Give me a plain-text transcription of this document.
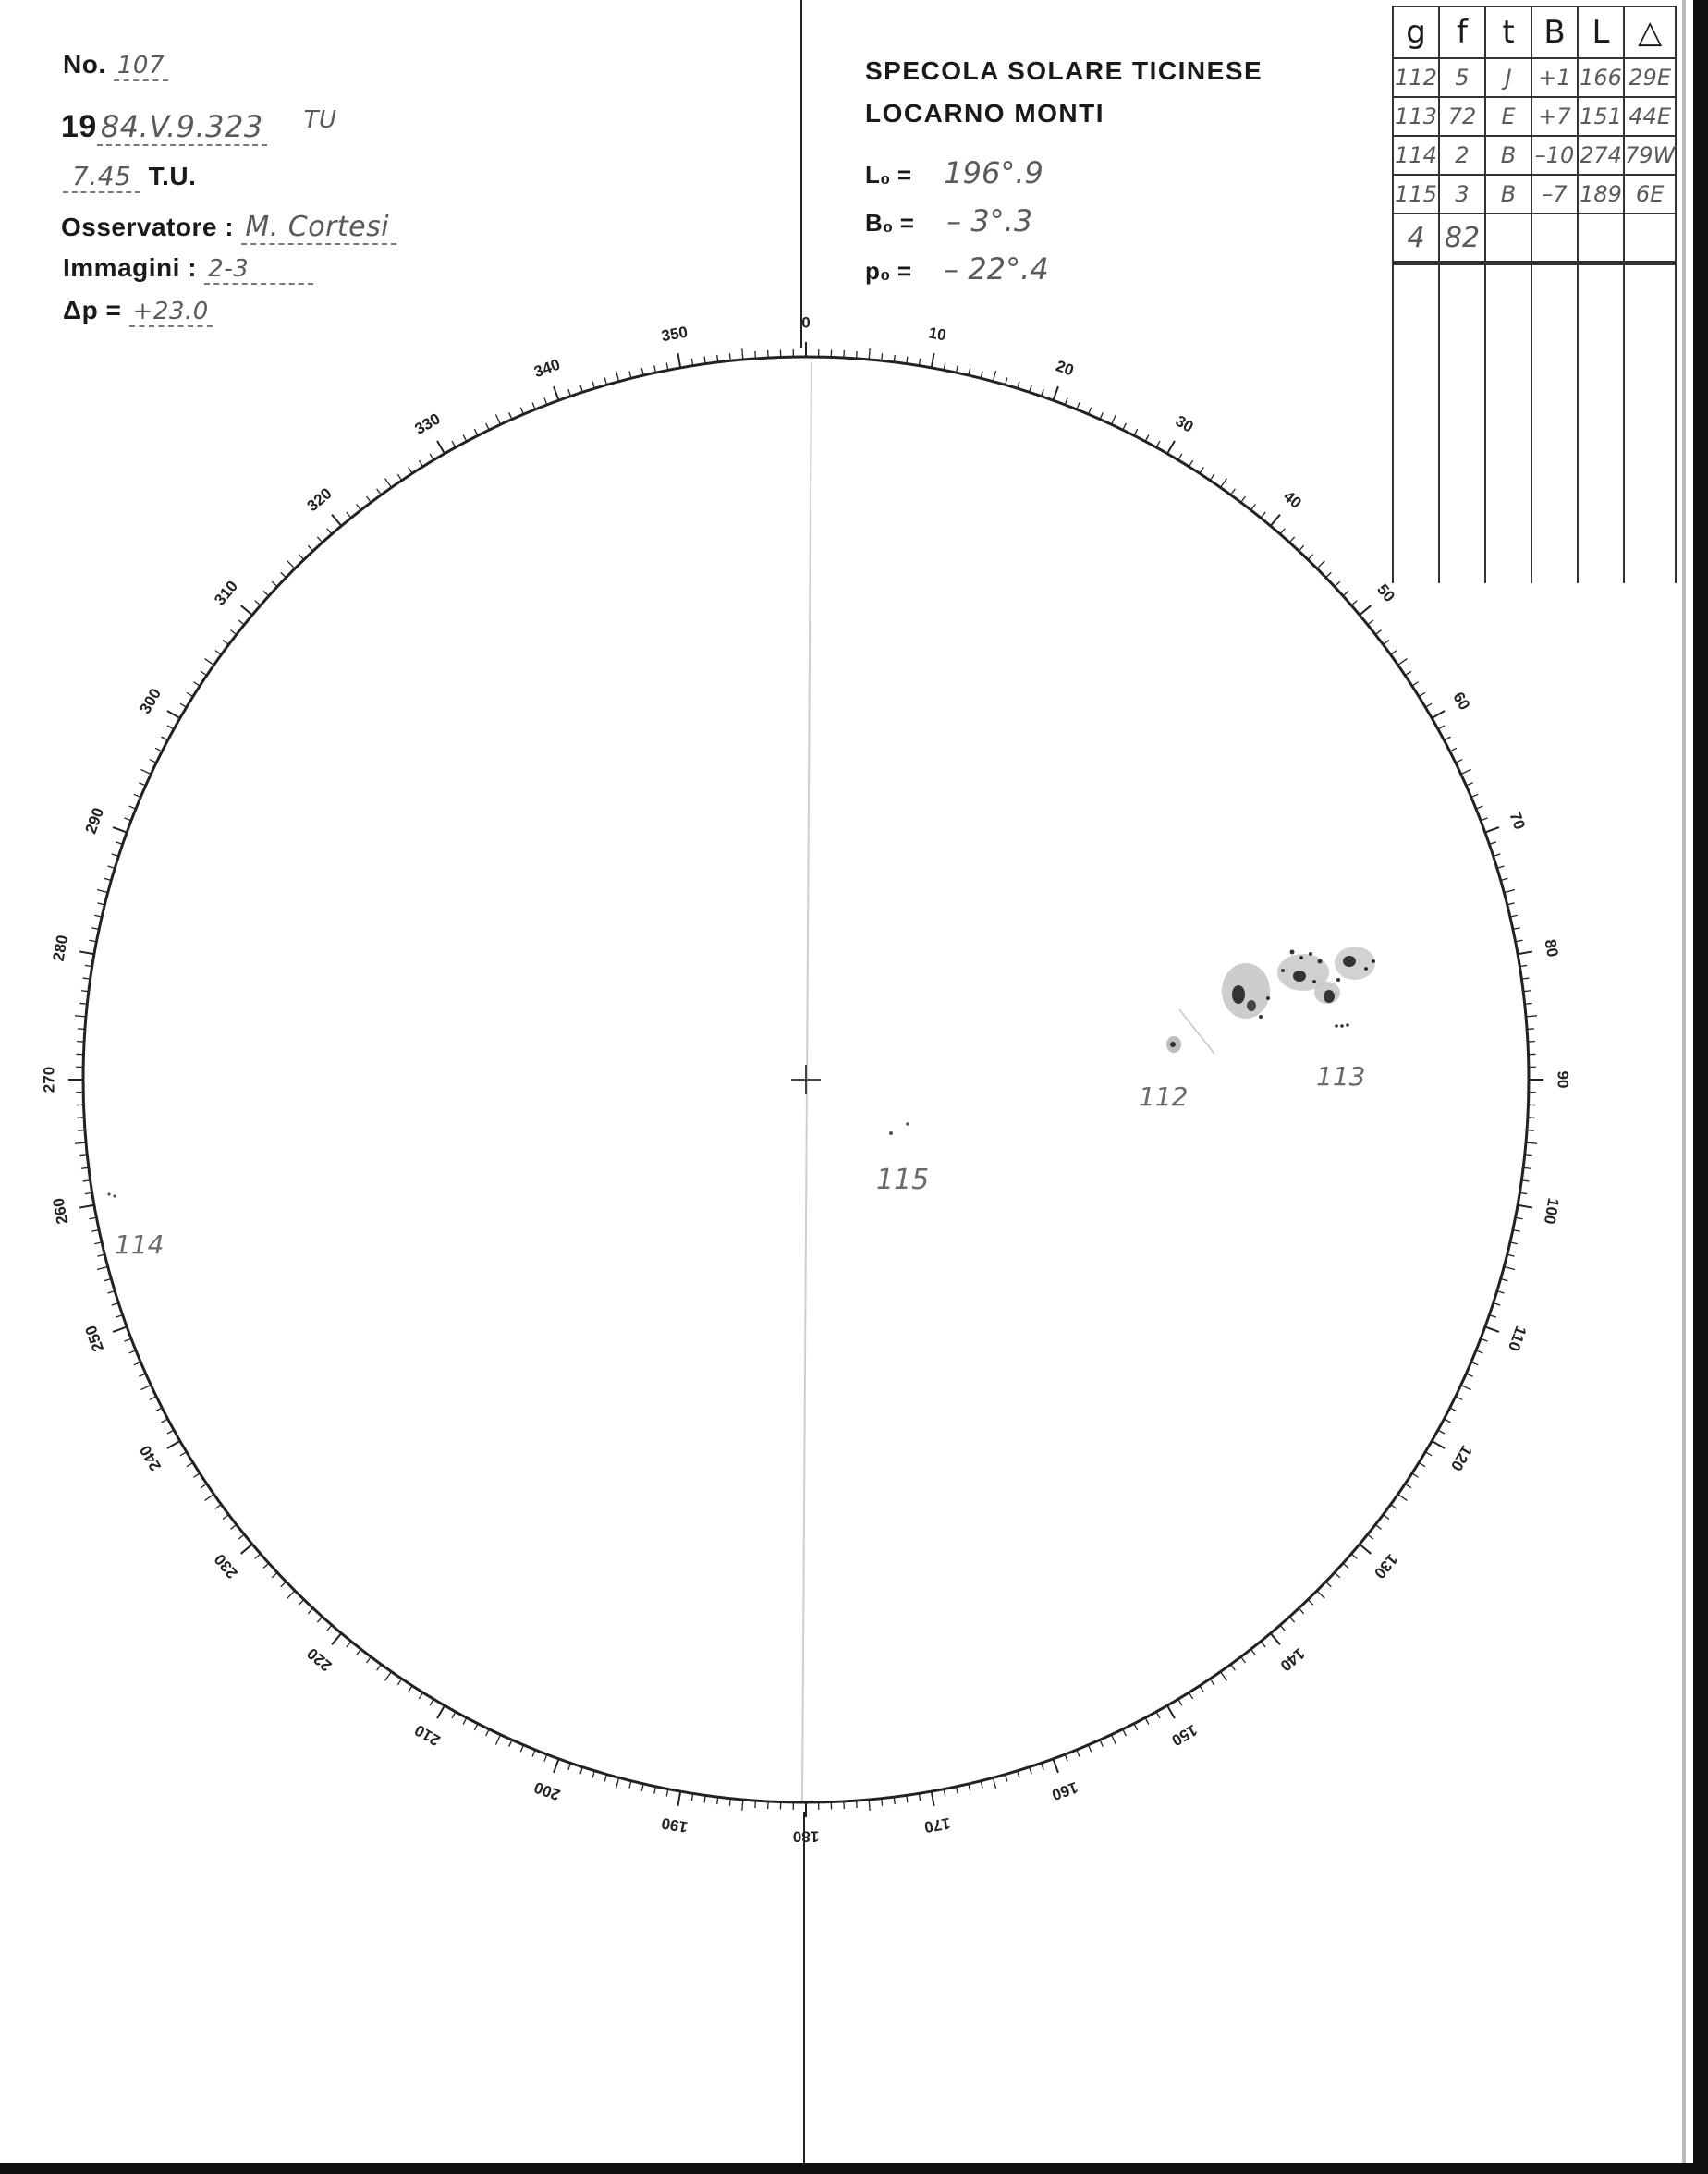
No. 107
19 84.V.9.323 $^{TU}$
7.45 T.U.
Osservatore : M. Cortesi
Immagini : 2-3
Δp = +23.0
SPECOLA SOLARE TICINESE
LOCARNO MONTI
L₀ = 196°.9
B₀ = – 3°.3
p₀ = – 22°.4
g	f	t	B	L	△
112	5	J	+1	166	29E
113	72	E	+7	151	44E
114	2	B	–10	274	79W
115	3	B	–7	189	6E
4	82				

0
10
20
30
40
50
60
70
80
90
100
110
120
130
140
150
160
170
180
190
200
210
220
230
240
250
260
270
280
290
300
310
320
330
340
350
112
113
114
115
